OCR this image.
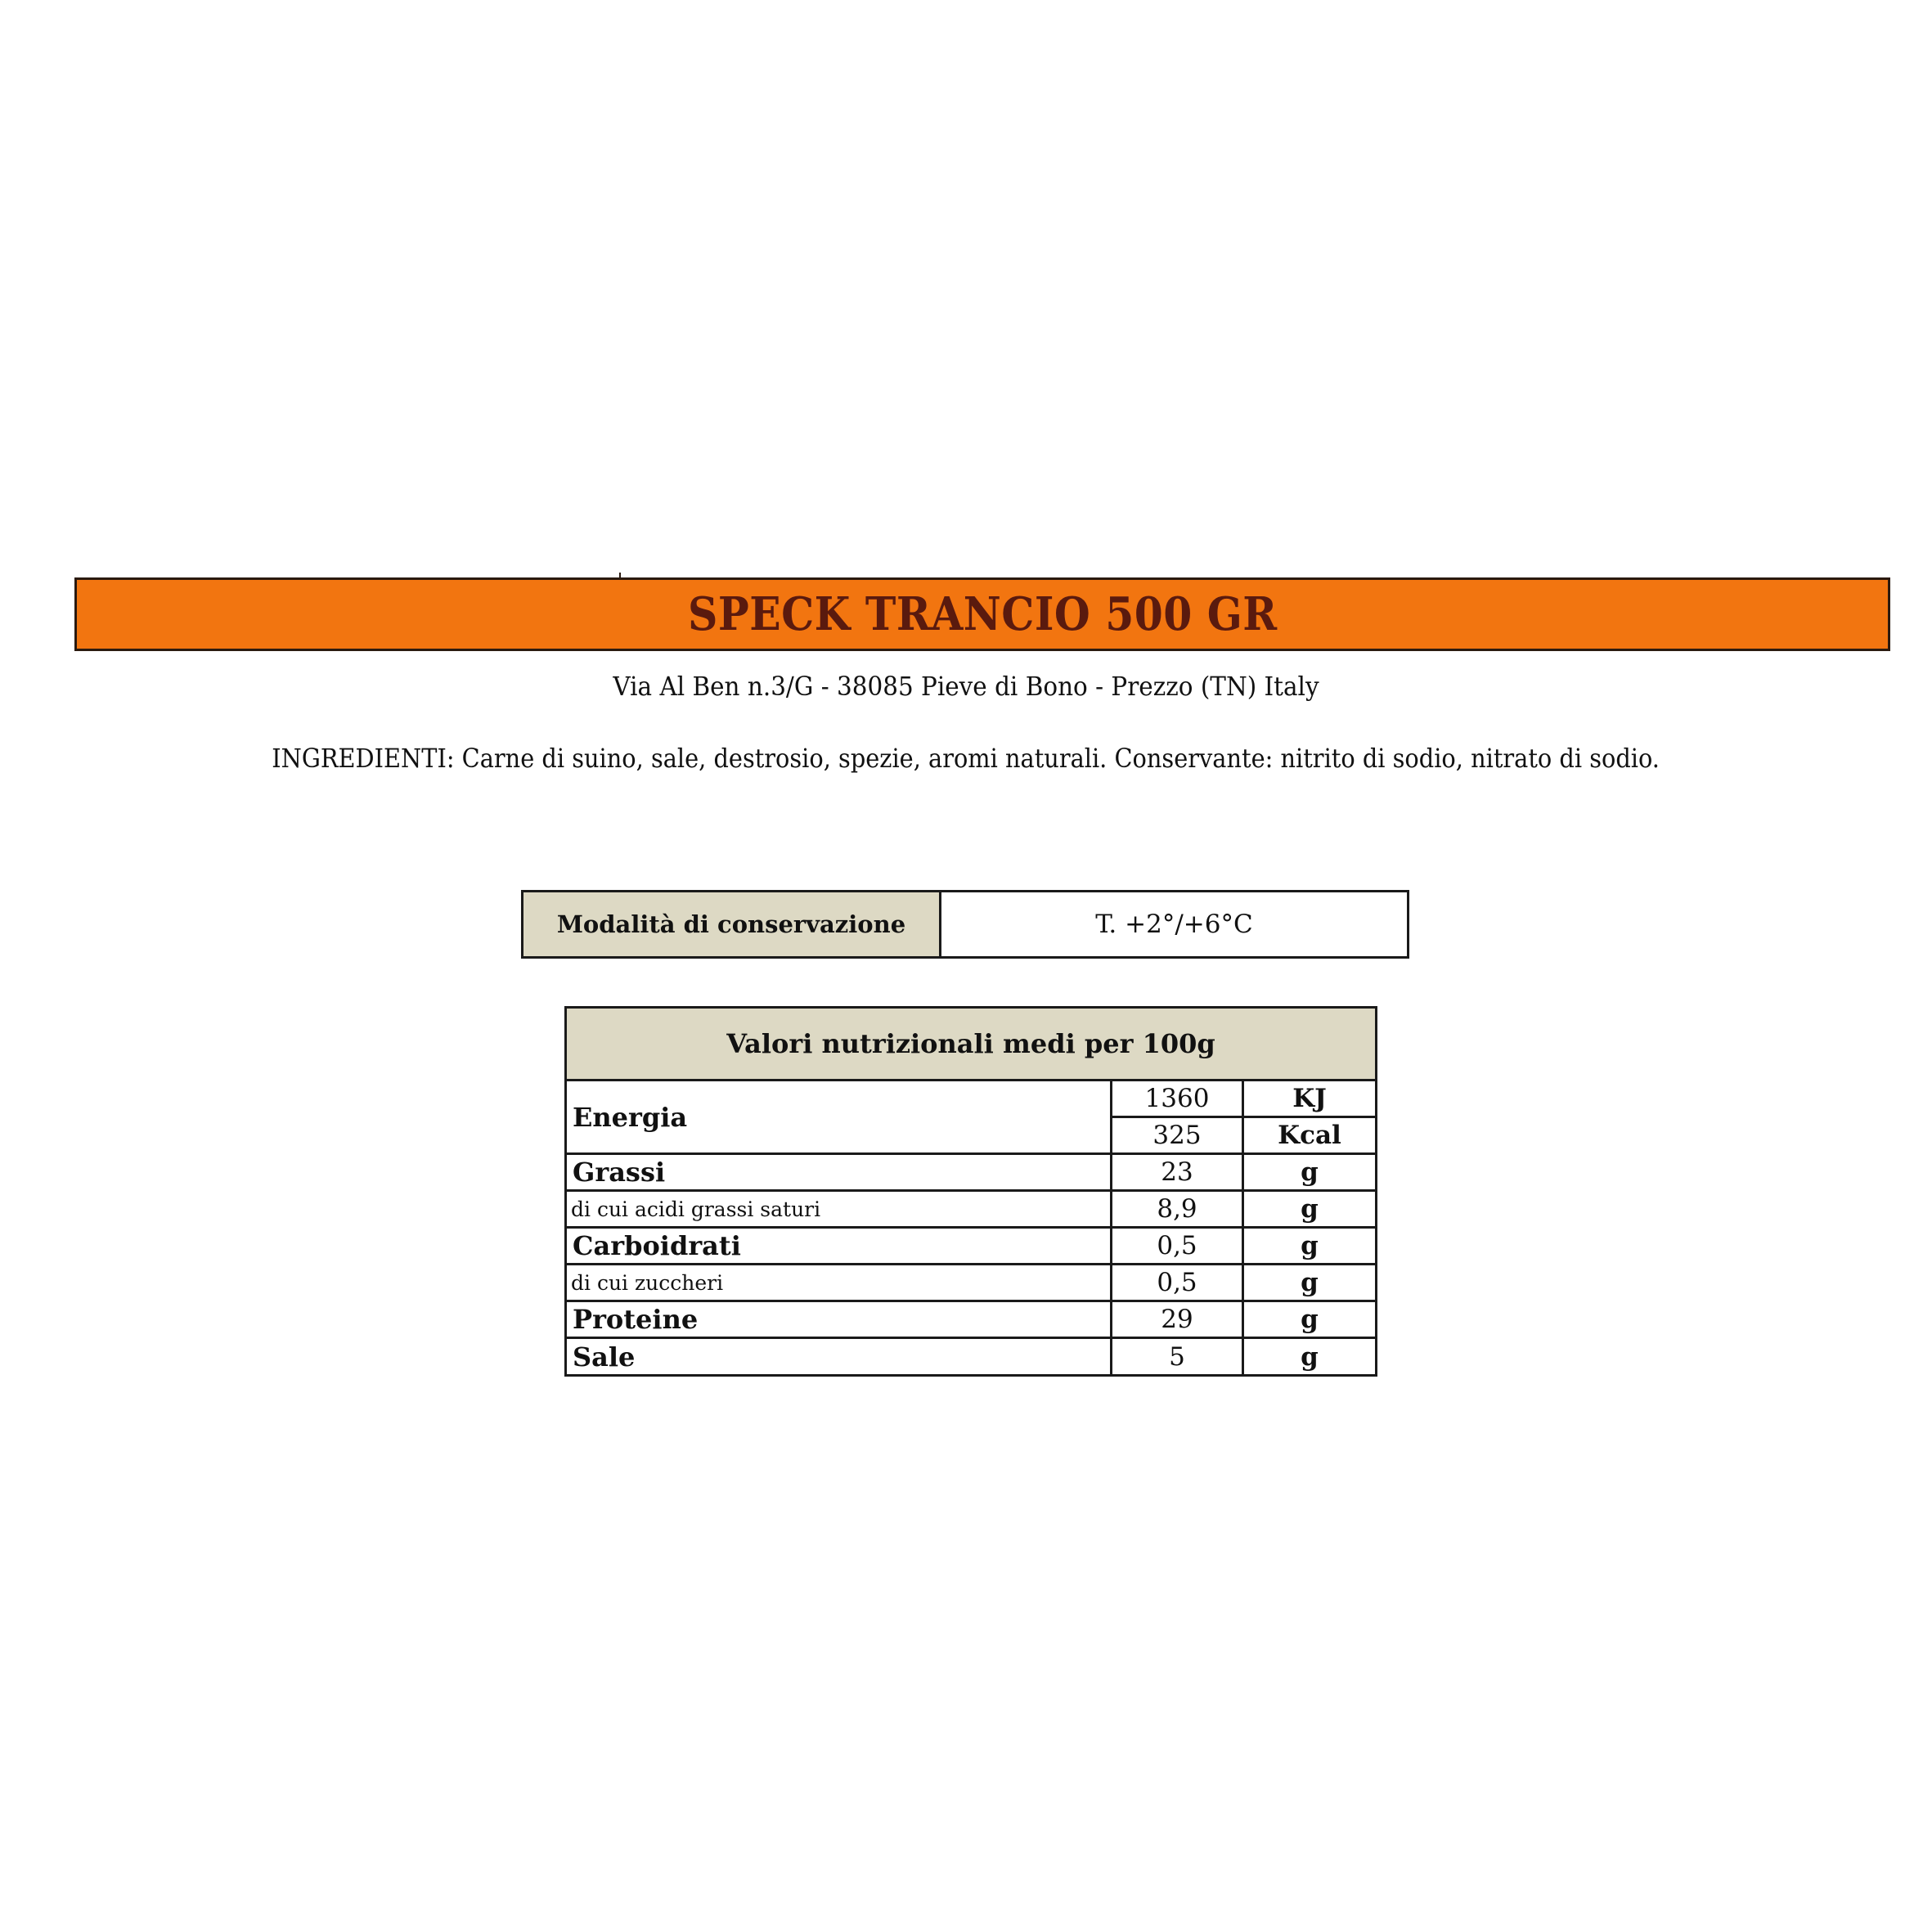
SPECK TRANCIO 500 GR
Via Al Ben n.3/G - 38085 Pieve di Bono - Prezzo (TN) Italy
INGREDIENTI: Carne di suino, sale, destrosio, spezie, aromi naturali. Conservante: nitrito di sodio, nitrato di sodio.
Modalità di conservazione	T. +2°/+6°C
Valori nutrizionali medi per 100g
Energia
1360	KJ
325	Kcal
Grassi	23	g
di cui acidi grassi saturi	8,9	g
Carboidrati	0,5	g
di cui zuccheri	0,5	g
Proteine	29	g
Sale	5	g
